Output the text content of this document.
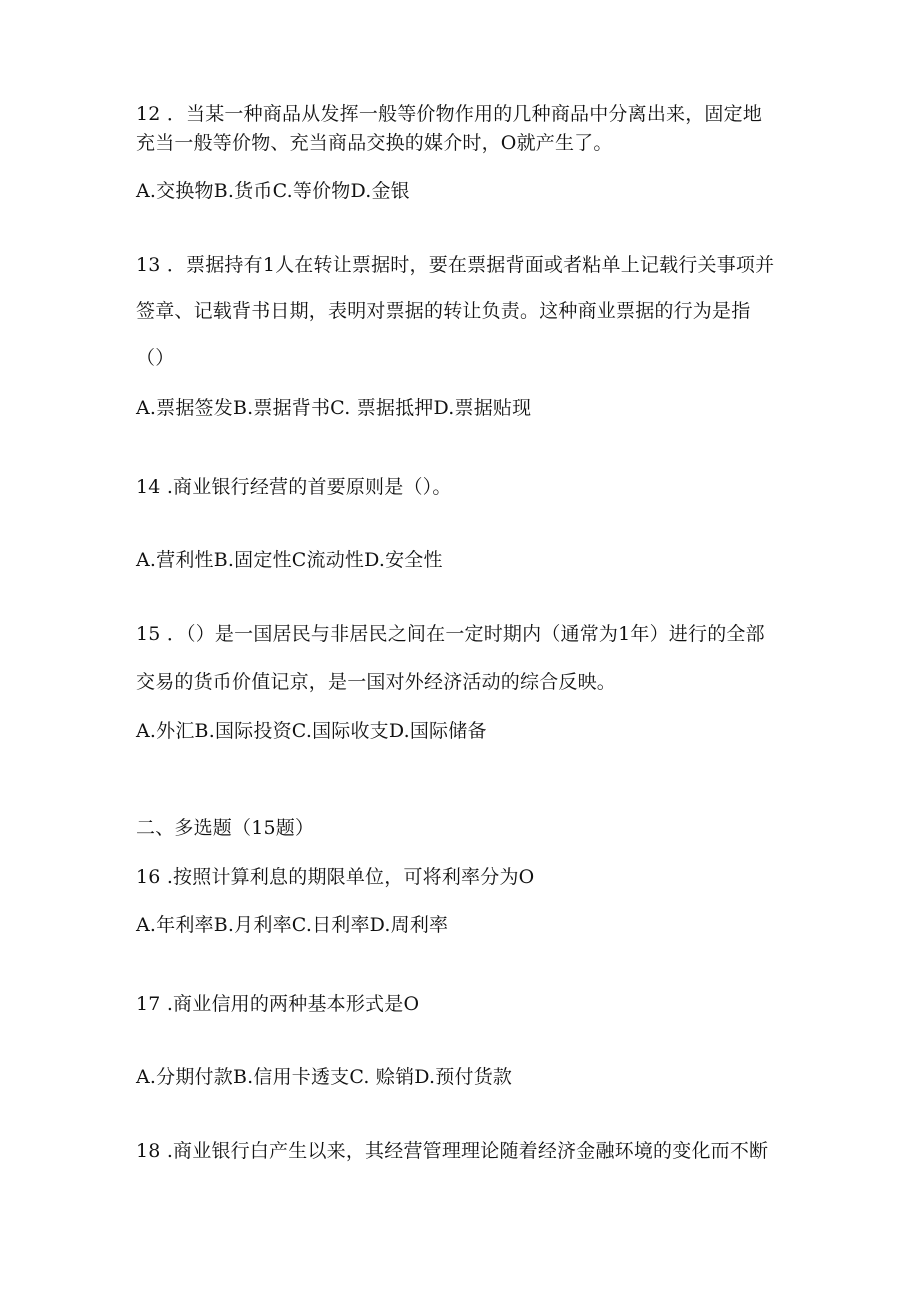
12 ．当某一种商品从发挥一般等价物作用的几种商品中分离出来，固定地
充当一般等价物、充当商品交换的媒介时，O就产生了。
A.交换物B.货币C.等价物D.金银
13 ．票据持有1人在转让票据时，要在票据背面或者粘单上记载行关事项并
签章、记载背书日期，表明对票据的转让负责。这种商业票据的行为是指
（）
A.票据签发B.票据背书C. 票据抵押D.票据贴现
14 .商业银行经营的首要原则是（）。
A.营利性B.固定性C流动性D.安全性
15 ．（）是一国居民与非居民之间在一定时期内（通常为1年）进行的全部
交易的货币价值记京，是一国对外经济活动的综合反映。
A.外汇B.国际投资C.国际收支D.国际储备
二、多选题（15题）
16 .按照计算利息的期限单位，可将利率分为O
A.年利率B.月利率C.日利率D.周利率
17 .商业信用的两种基本形式是O
A.分期付款B.信用卡透支C. 赊销D.预付货款
18 .商业银行白产生以来，其经营管理理论随着经济金融环境的变化而不断
